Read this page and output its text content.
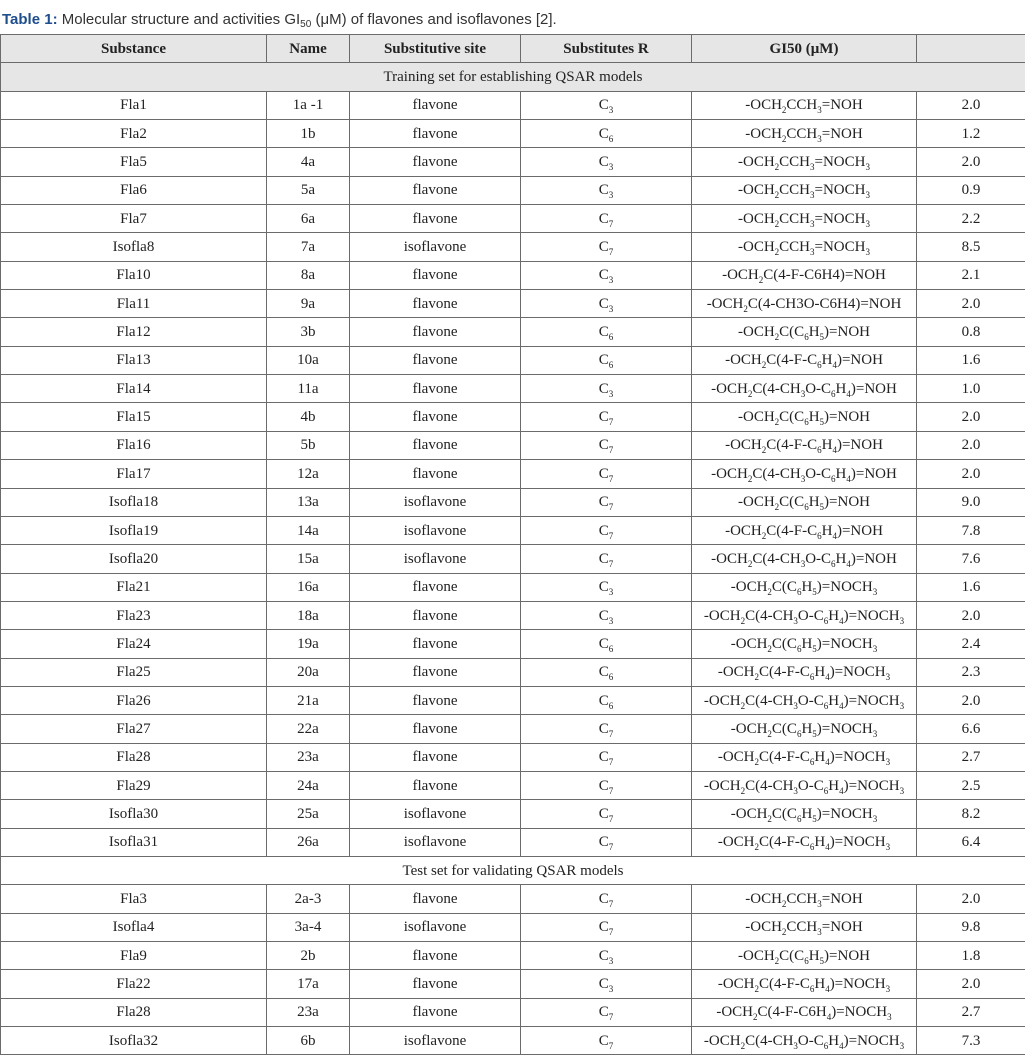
Table 1: Molecular structure and activities $GI_{50}$ (μM) of flavones and isoflavones [2].
Substance	Name	Substitutive site	Substitutes R	GI50 (μM)	
Training set for establishing QSAR models					
Fla1	1a -1	flavone	$C_3$	$-OCH_2CCH_3=NOH$	2.0
Fla2	1b	flavone	$C_6$	$-OCH_2CCH_3=NOH$	1.2
Fla5	4a	flavone	$C_3$	$-OCH_2CCH_3=NOCH_3$	2.0
Fla6	5a	flavone	$C_3$	$-OCH_2CCH_3=NOCH_3$	0.9
Fla7	6a	flavone	$C_7$	$-OCH_2CCH_3=NOCH_3$	2.2
Isofla8	7a	isoflavone	$C_7$	$-OCH_2CCH_3=NOCH_3$	8.5
Fla10	8a	flavone	$C_3$	$-OCH_2C(4-F-C6H4)=NOH$	2.1
Fla11	9a	flavone	$C_3$	$-OCH_2C(4-CH3O-C6H4)=NOH$	2.0
Fla12	3b	flavone	$C_6$	$-OCH_2C(C_6H_5)=NOH$	0.8
Fla13	10a	flavone	$C_6$	$-OCH_2C(4-F-C_6H_4)=NOH$	1.6
Fla14	11a	flavone	$C_3$	$-OCH_2C(4-CH_3O-C_6H_4)=NOH$	1.0
Fla15	4b	flavone	$C_7$	$-OCH_2C(C_6H_5)=NOH$	2.0
Fla16	5b	flavone	$C_7$	$-OCH_2C(4-F-C_6H_4)=NOH$	2.0
Fla17	12a	flavone	$C_7$	$-OCH_2C(4-CH_3O-C_6H_4)=NOH$	2.0
Isofla18	13a	isoflavone	$C_7$	$-OCH_2C(C_6H_5)=NOH$	9.0
Isofla19	14a	isoflavone	$C_7$	$-OCH_2C(4-F-C_6H_4)=NOH$	7.8
Isofla20	15a	isoflavone	$C_7$	$-OCH_2C(4-CH_3O-C_6H_4)=NOH$	7.6
Fla21	16a	flavone	$C_3$	$-OCH_2C(C_6H_5)=NOCH_3$	1.6
Fla23	18a	flavone	$C_3$	$-OCH_2C(4-CH_3O-C_6H_4)=NOCH_3$	2.0
Fla24	19a	flavone	$C_6$	$-OCH_2C(C_6H_5)=NOCH_3$	2.4
Fla25	20a	flavone	$C_6$	$-OCH_2C(4-F-C_6H_4)=NOCH_3$	2.3
Fla26	21a	flavone	$C_6$	$-OCH_2C(4-CH_3O-C_6H_4)=NOCH_3$	2.0
Fla27	22a	flavone	$C_7$	$-OCH_2C(C_6H_5)=NOCH_3$	6.6
Fla28	23a	flavone	$C_7$	$-OCH_2C(4-F-C_6H_4)=NOCH_3$	2.7
Fla29	24a	flavone	$C_7$	$-OCH_2C(4-CH_3O-C_6H_4)=NOCH_3$	2.5
Isofla30	25a	isoflavone	$C_7$	$-OCH_2C(C_6H_5)=NOCH_3$	8.2
Isofla31	26a	isoflavone	$C_7$	$-OCH_2C(4-F-C_6H_4)=NOCH_3$	6.4
Test set for validating QSAR models					
Fla3	2a-3	flavone	$C_7$	$-OCH_2CCH_3=NOH$	2.0
Isofla4	3a-4	isoflavone	$C_7$	$-OCH_2CCH_3=NOH$	9.8
Fla9	2b	flavone	$C_3$	$-OCH_2C(C_6H_5)=NOH$	1.8
Fla22	17a	flavone	$C_3$	$-OCH_2C(4-F-C_6H_4)=NOCH_3$	2.0
Fla28	23a	flavone	$C_7$	$-OCH_2C(4-F-C6H_4)=NOCH_3$	2.7
Isofla32	6b	isoflavone	$C_7$	$-OCH_2C(4-CH_3O-C_6H_4)=NOCH_3$	7.3
